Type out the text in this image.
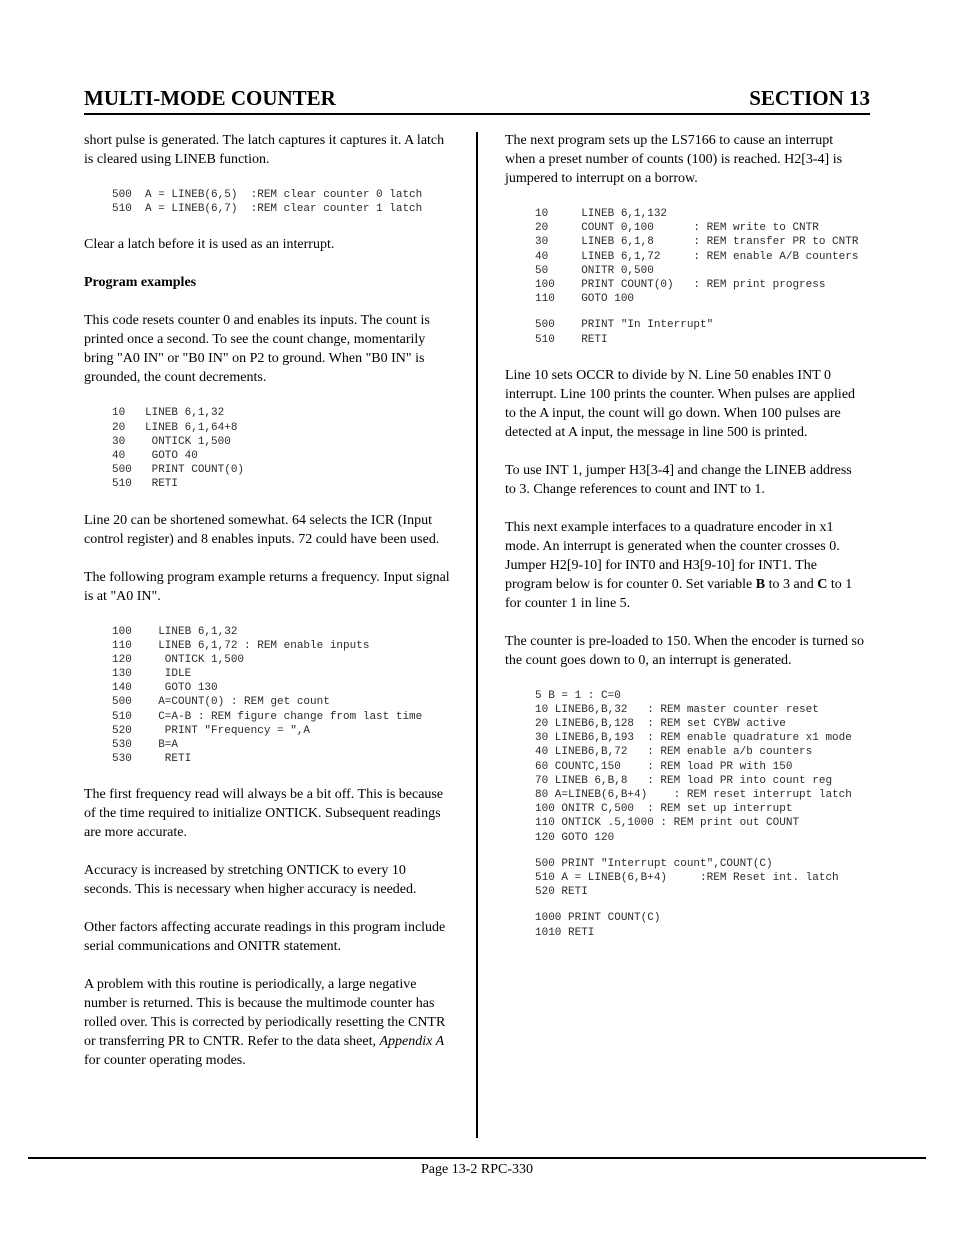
MULTI-MODE COUNTER	SECTION 13

short pulse is generated. The latch captures it captures it. A latch is cleared using LINEB function.

500  A = LINEB(6,5)  :REM clear counter 0 latch
510  A = LINEB(6,7)  :REM clear counter 1 latch

Clear a latch before it is used as an interrupt.

Program examples

This code resets counter 0 and enables its inputs. The count is printed once a second. To see the count change, momentarily bring "A0 IN" or "B0 IN" on P2 to ground. When "B0 IN" is grounded, the count decrements.

10   LINEB 6,1,32
20   LINEB 6,1,64+8
30    ONTICK 1,500
40    GOTO 40
500   PRINT COUNT(0)
510   RETI

Line 20 can be shortened somewhat. 64 selects the ICR (Input control register) and 8 enables inputs. 72 could have been used.

The following program example returns a frequency. Input signal is at "A0 IN".

100    LINEB 6,1,32
110    LINEB 6,1,72 : REM enable inputs
120     ONTICK 1,500
130     IDLE
140     GOTO 130
500    A=COUNT(0) : REM get count
510    C=A-B : REM figure change from last time
520     PRINT "Frequency = ",A
530    B=A
530     RETI

The first frequency read will always be a bit off. This is because of the time required to initialize ONTICK. Subsequent readings are more accurate.

Accuracy is increased by stretching ONTICK to every 10 seconds. This is necessary when higher accuracy is needed.

Other factors affecting accurate readings in this program include serial communications and ONITR statement.

A problem with this routine is periodically, a large negative number is returned. This is because the multimode counter has rolled over. This is corrected by periodically resetting the CNTR or transferring PR to CNTR. Refer to the data sheet, Appendix A for counter operating modes.

The next program sets up the LS7166 to cause an interrupt when a preset number of counts (100) is reached. H2[3-4] is jumpered to interrupt on a borrow.

10     LINEB 6,1,132
20     COUNT 0,100      : REM write to CNTR
30     LINEB 6,1,8      : REM transfer PR to CNTR
40     LINEB 6,1,72     : REM enable A/B counters
50     ONITR 0,500
100    PRINT COUNT(0)   : REM print progress
110    GOTO 100
500    PRINT "In Interrupt"
510    RETI

Line 10 sets OCCR to divide by N. Line 50 enables INT 0 interrupt. Line 100 prints the counter. When pulses are applied to the A input, the count will go down. When 100 pulses are detected at A input, the message in line 500 is printed.

To use INT 1, jumper H3[3-4] and change the LINEB address to 3. Change references to count and INT to 1.

This next example interfaces to a quadrature encoder in x1 mode. An interrupt is generated when the counter crosses 0. Jumper H2[9-10] for INT0 and H3[9-10] for INT1. The program below is for counter 0. Set variable B to 3 and C to 1 for counter 1 in line 5.

The counter is pre-loaded to 150. When the encoder is turned so the count goes down to 0, an interrupt is generated.

5 B = 1 : C=0
10 LINEB6,B,32   : REM master counter reset
20 LINEB6,B,128  : REM set CYBW active
30 LINEB6,B,193  : REM enable quadrature x1 mode
40 LINEB6,B,72   : REM enable a/b counters
60 COUNTC,150    : REM load PR with 150
70 LINEB 6,B,8   : REM load PR into count reg
80 A=LINEB(6,B+4)    : REM reset interrupt latch
100 ONITR C,500  : REM set up interrupt
110 ONTICK .5,1000 : REM print out COUNT
120 GOTO 120
500 PRINT "Interrupt count",COUNT(C)
510 A = LINEB(6,B+4)     :REM Reset int. latch
520 RETI
1000 PRINT COUNT(C)
1010 RETI
Page 13-2 RPC-330
